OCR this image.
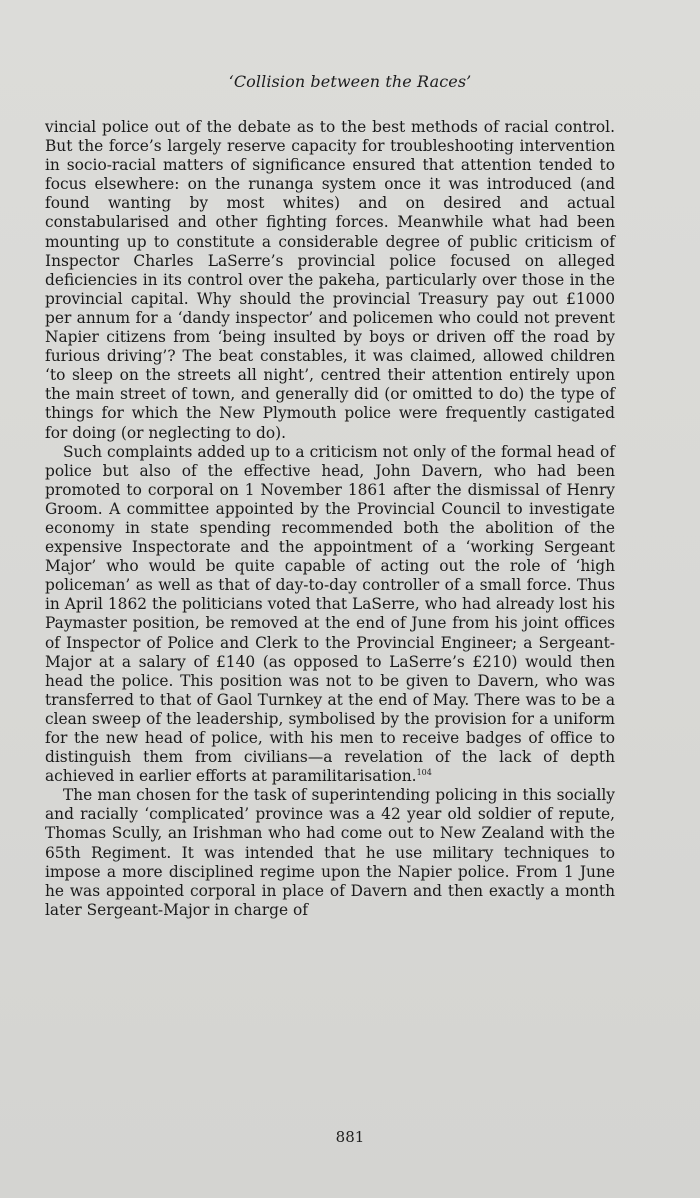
‘Collision between the Races’

vincial police out of the debate as to the best methods of racial control. But the force’s largely reserve capacity for troubleshooting intervention in socio-racial matters of significance ensured that attention tended to focus elsewhere: on the runanga system once it was introduced (and found wanting by most whites) and on desired and actual constabularised and other fighting forces. Meanwhile what had been mounting up to constitute a considerable degree of public criticism of Inspector Charles LaSerre’s provincial police focused on alleged deficiencies in its control over the pakeha, particularly over those in the provincial capital. Why should the provincial Treasury pay out £1000 per annum for a ‘dandy inspector’ and policemen who could not prevent Napier citizens from ‘being insulted by boys or driven off the road by furious driving’? The beat constables, it was claimed, allowed children ‘to sleep on the streets all night’, centred their attention entirely upon the main street of town, and generally did (or omitted to do) the type of things for which the New Plymouth police were frequently castigated for doing (or neglecting to do).

Such complaints added up to a criticism not only of the formal head of police but also of the effective head, John Davern, who had been promoted to corporal on 1 November 1861 after the dismissal of Henry Groom. A committee appointed by the Provincial Council to investigate economy in state spending recommended both the abolition of the expensive Inspectorate and the appointment of a ‘working Sergeant Major’ who would be quite capable of acting out the role of ‘high policeman’ as well as that of day-to-day controller of a small force. Thus in April 1862 the politicians voted that LaSerre, who had already lost his Paymaster position, be removed at the end of June from his joint offices of Inspector of Police and Clerk to the Provincial Engineer; a Sergeant-Major at a salary of £140 (as opposed to LaSerre’s £210) would then head the police. This position was not to be given to Davern, who was transferred to that of Gaol Turnkey at the end of May. There was to be a clean sweep of the leadership, symbolised by the provision for a uniform for the new head of police, with his men to receive badges of office to distinguish them from civilians—a revelation of the lack of depth achieved in earlier efforts at paramilitarisation.$^{104}$

The man chosen for the task of superintending policing in this socially and racially ‘complicated’ province was a 42 year old soldier of repute, Thomas Scully, an Irishman who had come out to New Zealand with the 65th Regiment. It was intended that he use military techniques to impose a more disciplined regime upon the Napier police. From 1 June he was appointed corporal in place of Davern and then exactly a month later Sergeant-Major in charge of

881
